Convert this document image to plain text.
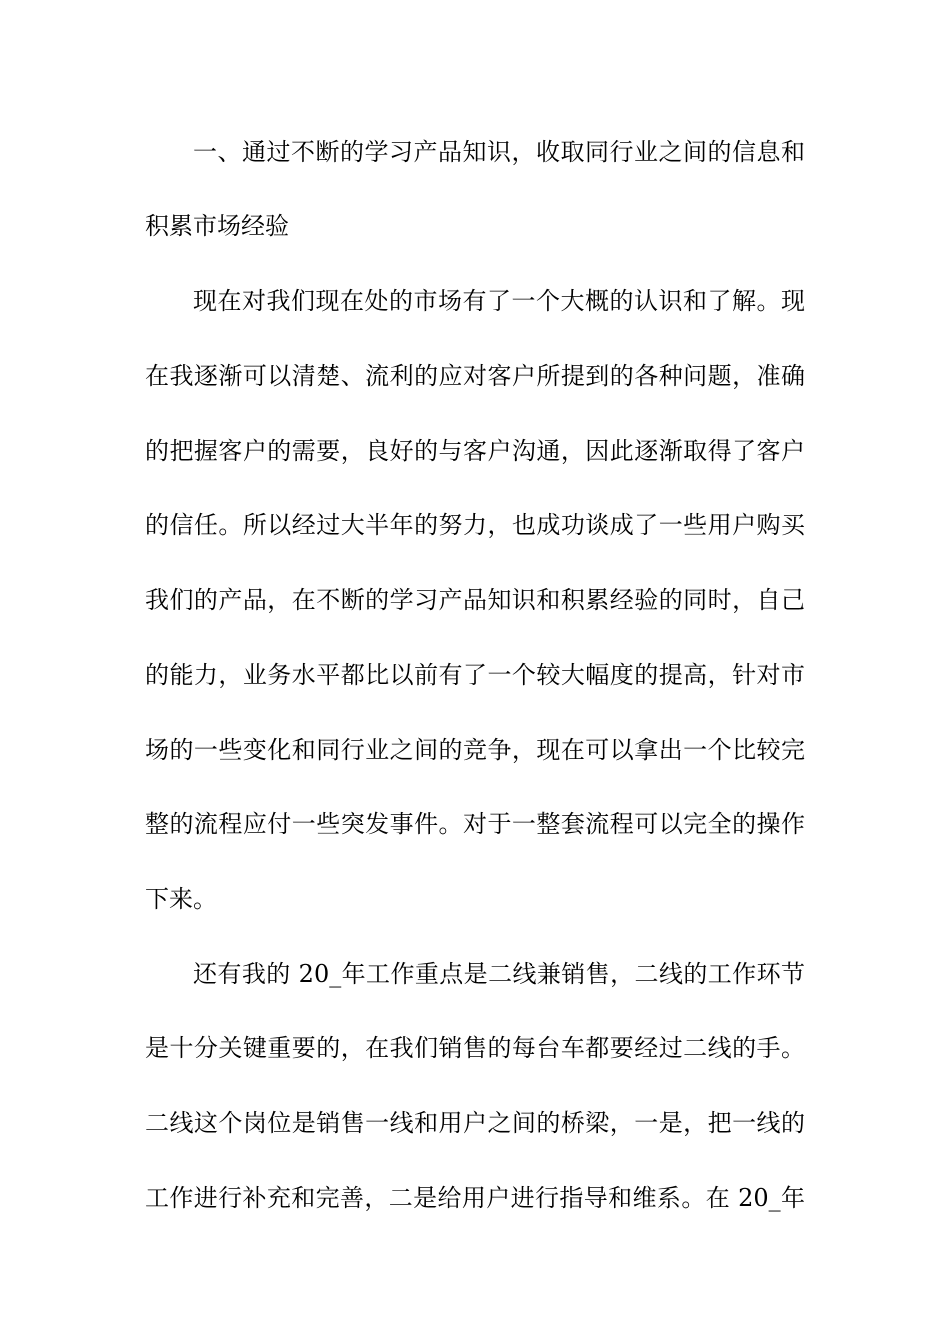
一、通过不断的学习产品知识，收取同行业之间的信息和
积累市场经验
现在对我们现在处的市场有了一个大概的认识和了解。现
在我逐渐可以清楚、流利的应对客户所提到的各种问题，准确
的把握客户的需要，良好的与客户沟通，因此逐渐取得了客户
的信任。所以经过大半年的努力，也成功谈成了一些用户购买
我们的产品，在不断的学习产品知识和积累经验的同时，自己
的能力，业务水平都比以前有了一个较大幅度的提高，针对市
场的一些变化和同行业之间的竞争，现在可以拿出一个比较完
整的流程应付一些突发事件。对于一整套流程可以完全的操作
下来。
还有我的 20_年工作重点是二线兼销售，二线的工作环节
是十分关键重要的，在我们销售的每台车都要经过二线的手。
二线这个岗位是销售一线和用户之间的桥梁，一是，把一线的
工作进行补充和完善，二是给用户进行指导和维系。在 20_年
